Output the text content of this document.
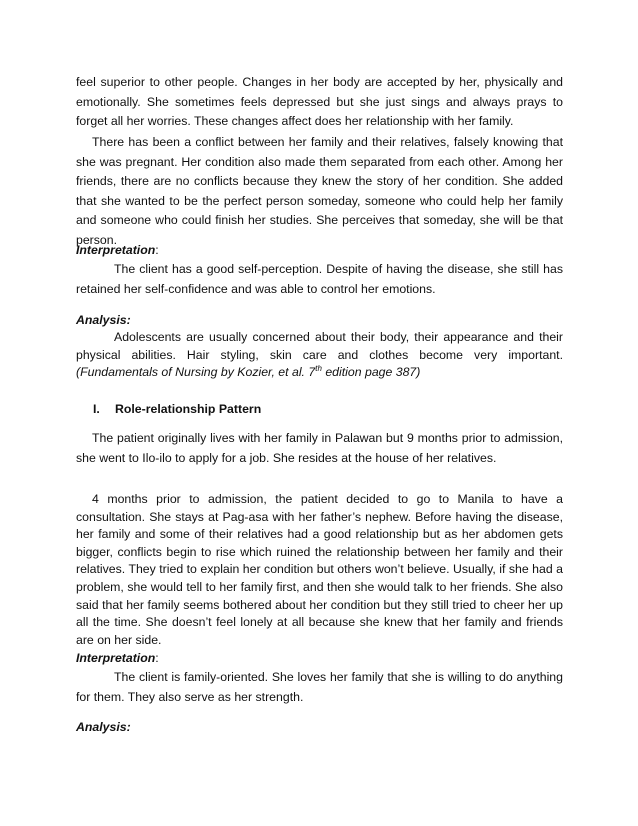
feel superior to other people. Changes in her body are accepted by her, physically and emotionally. She sometimes feels depressed but she just sings and always prays to forget all her worries. These changes affect does her relationship with her family.

There has been a conflict between her family and their relatives, falsely knowing that she was pregnant. Her condition also made them separated from each other. Among her friends, there are no conflicts because they knew the story of her condition. She added that she wanted to be the perfect person someday, someone who could help her family and someone who could finish her studies. She perceives that someday, she will be that person.

Interpretation:

The client has a good self-perception. Despite of having the disease, she still has retained her self-confidence and was able to control her emotions.

Analysis:

Adolescents are usually concerned about their body, their appearance and their physical abilities. Hair styling, skin care and clothes become very important. (Fundamentals of Nursing by Kozier, et al. 7th edition page 387)

I. Role-relationship Pattern

The patient originally lives with her family in Palawan but 9 months prior to admission, she went to Ilo-ilo to apply for a job. She resides at the house of her relatives.

4 months prior to admission, the patient decided to go to Manila to have a consultation. She stays at Pag-asa with her father’s nephew. Before having the disease, her family and some of their relatives had a good relationship but as her abdomen gets bigger, conflicts begin to rise which ruined the relationship between her family and their relatives. They tried to explain her condition but others won’t believe. Usually, if she had a problem, she would tell to her family first, and then she would talk to her friends. She also said that her family seems bothered about her condition but they still tried to cheer her up all the time. She doesn’t feel lonely at all because she knew that her family and friends are on her side.

Interpretation:

The client is family-oriented. She loves her family that she is willing to do anything for them. They also serve as her strength.

Analysis:
